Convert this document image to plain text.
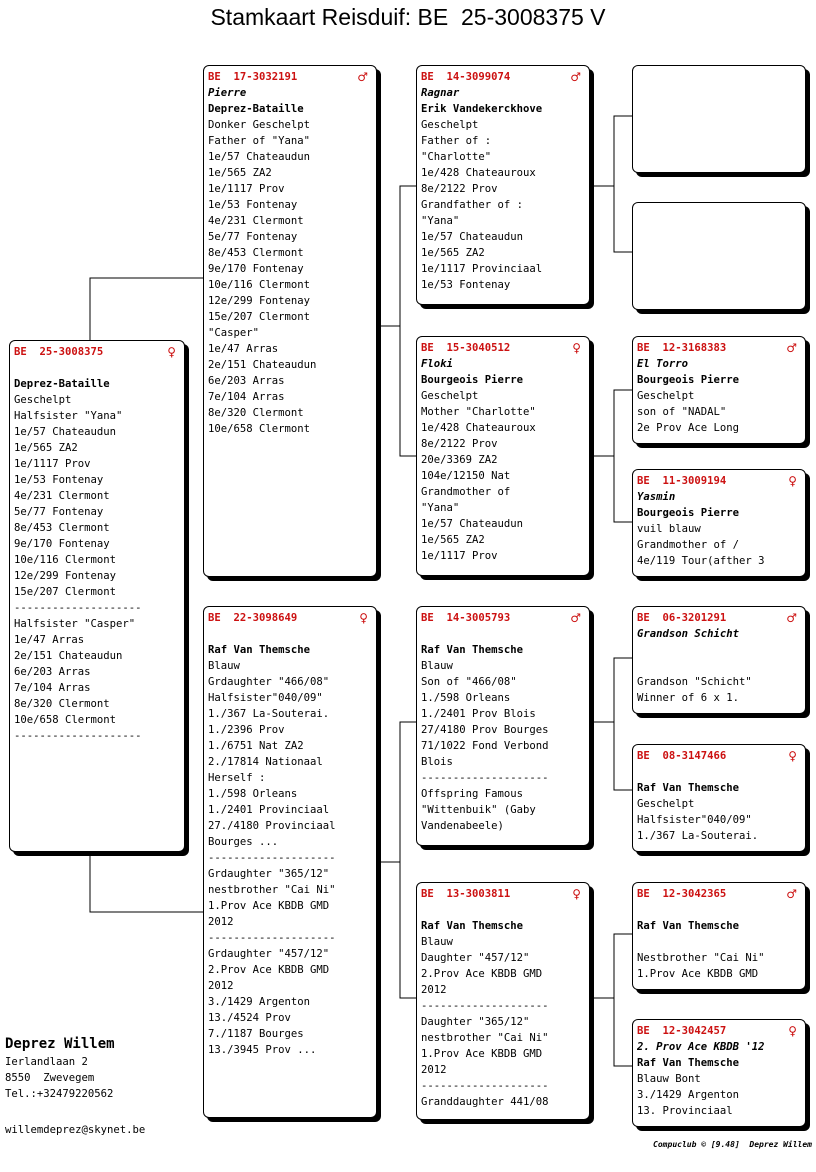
Stamkaart Reisduif: BE  25-3008375 V
BE  25-3008375	♀
Deprez-Bataille
Geschelpt
Halfsister "Yana"
1e/57 Chateaudun
1e/565 ZA2
1e/1117 Prov
1e/53 Fontenay
4e/231 Clermont
5e/77 Fontenay
8e/453 Clermont
9e/170 Fontenay
10e/116 Clermont
12e/299 Fontenay
15e/207 Clermont
--------------------
Halfsister "Casper"
1e/47 Arras
2e/151 Chateaudun
6e/203 Arras
7e/104 Arras
8e/320 Clermont
10e/658 Clermont
--------------------
BE  17-3032191	♂
Pierre
Deprez-Bataille
Donker Geschelpt
Father of "Yana"
1e/57 Chateaudun
1e/565 ZA2
1e/1117 Prov
1e/53 Fontenay
4e/231 Clermont
5e/77 Fontenay
8e/453 Clermont
9e/170 Fontenay
10e/116 Clermont
12e/299 Fontenay
15e/207 Clermont
"Casper"
1e/47 Arras
2e/151 Chateaudun
6e/203 Arras
7e/104 Arras
8e/320 Clermont
10e/658 Clermont
BE  22-3098649	♀
Raf Van Themsche
Blauw
Grdaughter "466/08"
Halfsister"040/09"
1./367 La-Souterai.
1./2396 Prov
1./6751 Nat ZA2
2./17814 Nationaal
Herself :
1./598 Orleans
1./2401 Provinciaal
27./4180 Provinciaal
Bourges ...
--------------------
Grdaughter "365/12"
nestbrother "Cai Ni"
1.Prov Ace KBDB GMD
2012
--------------------
Grdaughter "457/12"
2.Prov Ace KBDB GMD
2012
3./1429 Argenton
13./4524 Prov
7./1187 Bourges
13./3945 Prov ...
BE  14-3099074	♂
Ragnar
Erik Vandekerckhove
Geschelpt
Father of :
"Charlotte"
1e/428 Chateauroux
8e/2122 Prov
Grandfather of :
"Yana"
1e/57 Chateaudun
1e/565 ZA2
1e/1117 Provinciaal
1e/53 Fontenay
BE  15-3040512	♀
Floki
Bourgeois Pierre
Geschelpt
Mother "Charlotte"
1e/428 Chateauroux
8e/2122 Prov
20e/3369 ZA2
104e/12150 Nat
Grandmother of
"Yana"
1e/57 Chateaudun
1e/565 ZA2
1e/1117 Prov
BE  14-3005793	♂
Raf Van Themsche
Blauw
Son of "466/08"
1./598 Orleans
1./2401 Prov Blois
27/4180 Prov Bourges
71/1022 Fond Verbond
Blois
--------------------
Offspring Famous
"Wittenbuik" (Gaby
Vandenabeele)
BE  13-3003811	♀
Raf Van Themsche
Blauw
Daughter "457/12"
2.Prov Ace KBDB GMD
2012
--------------------
Daughter "365/12"
nestbrother "Cai Ni"
1.Prov Ace KBDB GMD
2012
--------------------
Granddaughter 441/08
BE  12-3168383	♂
El Torro
Bourgeois Pierre
Geschelpt
son of "NADAL"
2e Prov Ace Long
BE  11-3009194	♀
Yasmin
Bourgeois Pierre
vuil blauw
Grandmother of /
4e/119 Tour(afther 3
BE  06-3201291	♂
Grandson Schicht
Grandson "Schicht"
Winner of 6 x 1.
BE  08-3147466	♀
Raf Van Themsche
Geschelpt
Halfsister"040/09"
1./367 La-Souterai.
BE  12-3042365	♂
Raf Van Themsche
Nestbrother "Cai Ni"
1.Prov Ace KBDB GMD
BE  12-3042457	♀
2. Prov Ace KBDB '12
Raf Van Themsche
Blauw Bont
3./1429 Argenton
13. Provinciaal
Deprez Willem
Ierlandlaan 2
8550  Zwevegem
Tel.:+32479220562
willemdeprez@skynet.be
Compuclub © [9.48]  Deprez Willem
